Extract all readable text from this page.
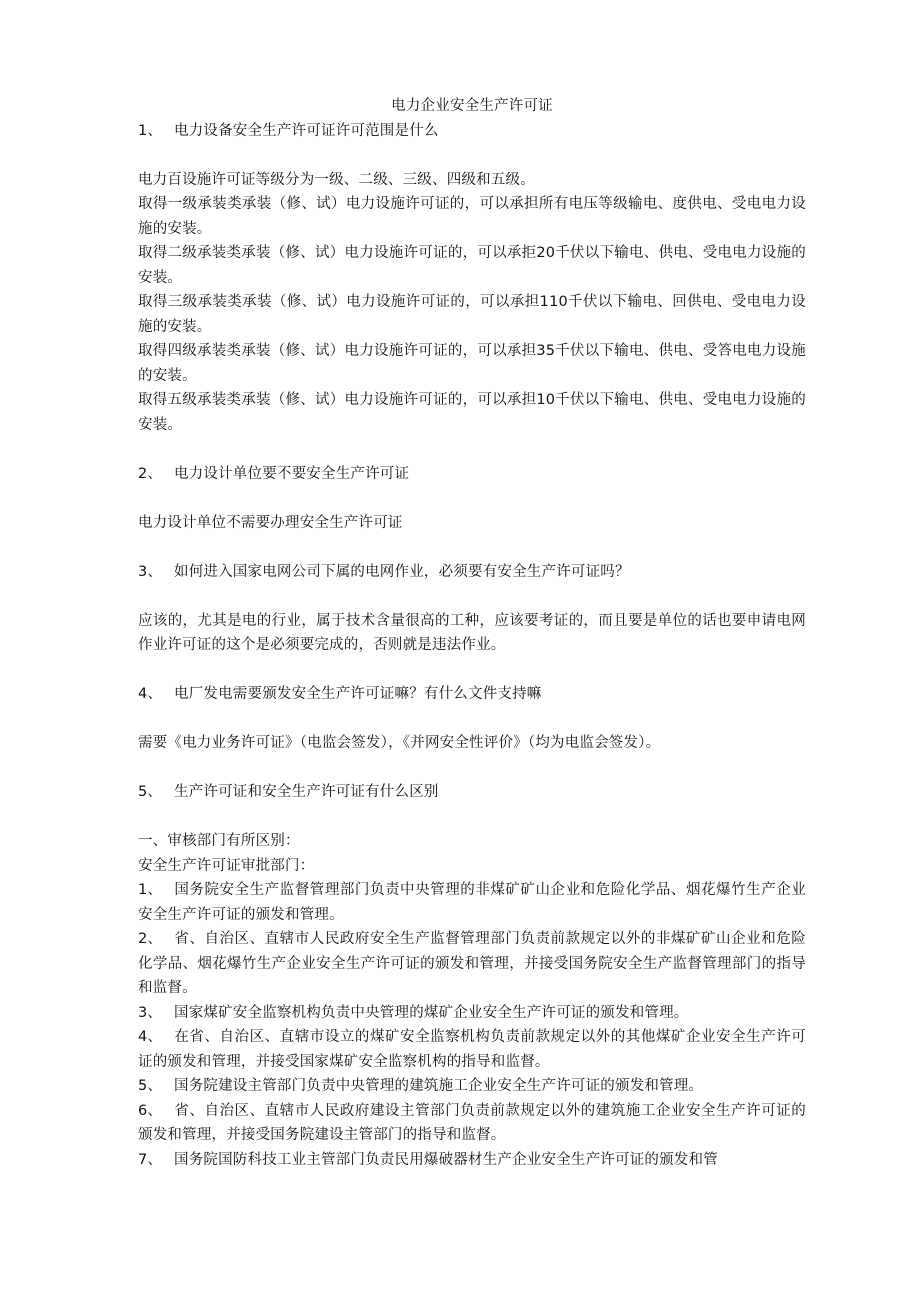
电力企业安全生产许可证

1、 电力设备安全生产许可证许可范围是什么

电力百设施许可证等级分为一级、二级、三级、四级和五级。

取得一级承装类承装（修、试）电力设施许可证的，可以承担所有电压等级输电、度供电、受电电力设施的安装。

取得二级承装类承装（修、试）电力设施许可证的，可以承拒20千伏以下输电、供电、受电电力设施的安装。

取得三级承装类承装（修、试）电力设施许可证的，可以承担110千伏以下输电、回供电、受电电力设施的安装。

取得四级承装类承装（修、试）电力设施许可证的，可以承担35千伏以下输电、供电、受答电电力设施的安装。

取得五级承装类承装（修、试）电力设施许可证的，可以承担10千伏以下输电、供电、受电电力设施的安装。

2、 电力设计单位要不要安全生产许可证

电力设计单位不需要办理安全生产许可证

3、 如何进入国家电网公司下属的电网作业，必须要有安全生产许可证吗？

应该的，尤其是电的行业，属于技术含量很高的工种，应该要考证的，而且要是单位的话也要申请电网作业许可证的这个是必须要完成的，否则就是违法作业。

4、 电厂发电需要颁发安全生产许可证嘛？有什么文件支持嘛

需要《电力业务许可证》（电监会签发），《并网安全性评价》（均为电监会签发）。

5、 生产许可证和安全生产许可证有什么区别

一、审核部门有所区别：

安全生产许可证审批部门：

1、 国务院安全生产监督管理部门负责中央管理的非煤矿矿山企业和危险化学品、烟花爆竹生产企业安全生产许可证的颁发和管理。

2、 省、自治区、直辖市人民政府安全生产监督管理部门负责前款规定以外的非煤矿矿山企业和危险化学品、烟花爆竹生产企业安全生产许可证的颁发和管理，并接受国务院安全生产监督管理部门的指导和监督。

3、 国家煤矿安全监察机构负责中央管理的煤矿企业安全生产许可证的颁发和管理。

4、 在省、自治区、直辖市设立的煤矿安全监察机构负责前款规定以外的其他煤矿企业安全生产许可证的颁发和管理，并接受国家煤矿安全监察机构的指导和监督。

5、 国务院建设主管部门负责中央管理的建筑施工企业安全生产许可证的颁发和管理。

6、 省、自治区、直辖市人民政府建设主管部门负责前款规定以外的建筑施工企业安全生产许可证的颁发和管理，并接受国务院建设主管部门的指导和监督。

7、 国务院国防科技工业主管部门负责民用爆破器材生产企业安全生产许可证的颁发和管
